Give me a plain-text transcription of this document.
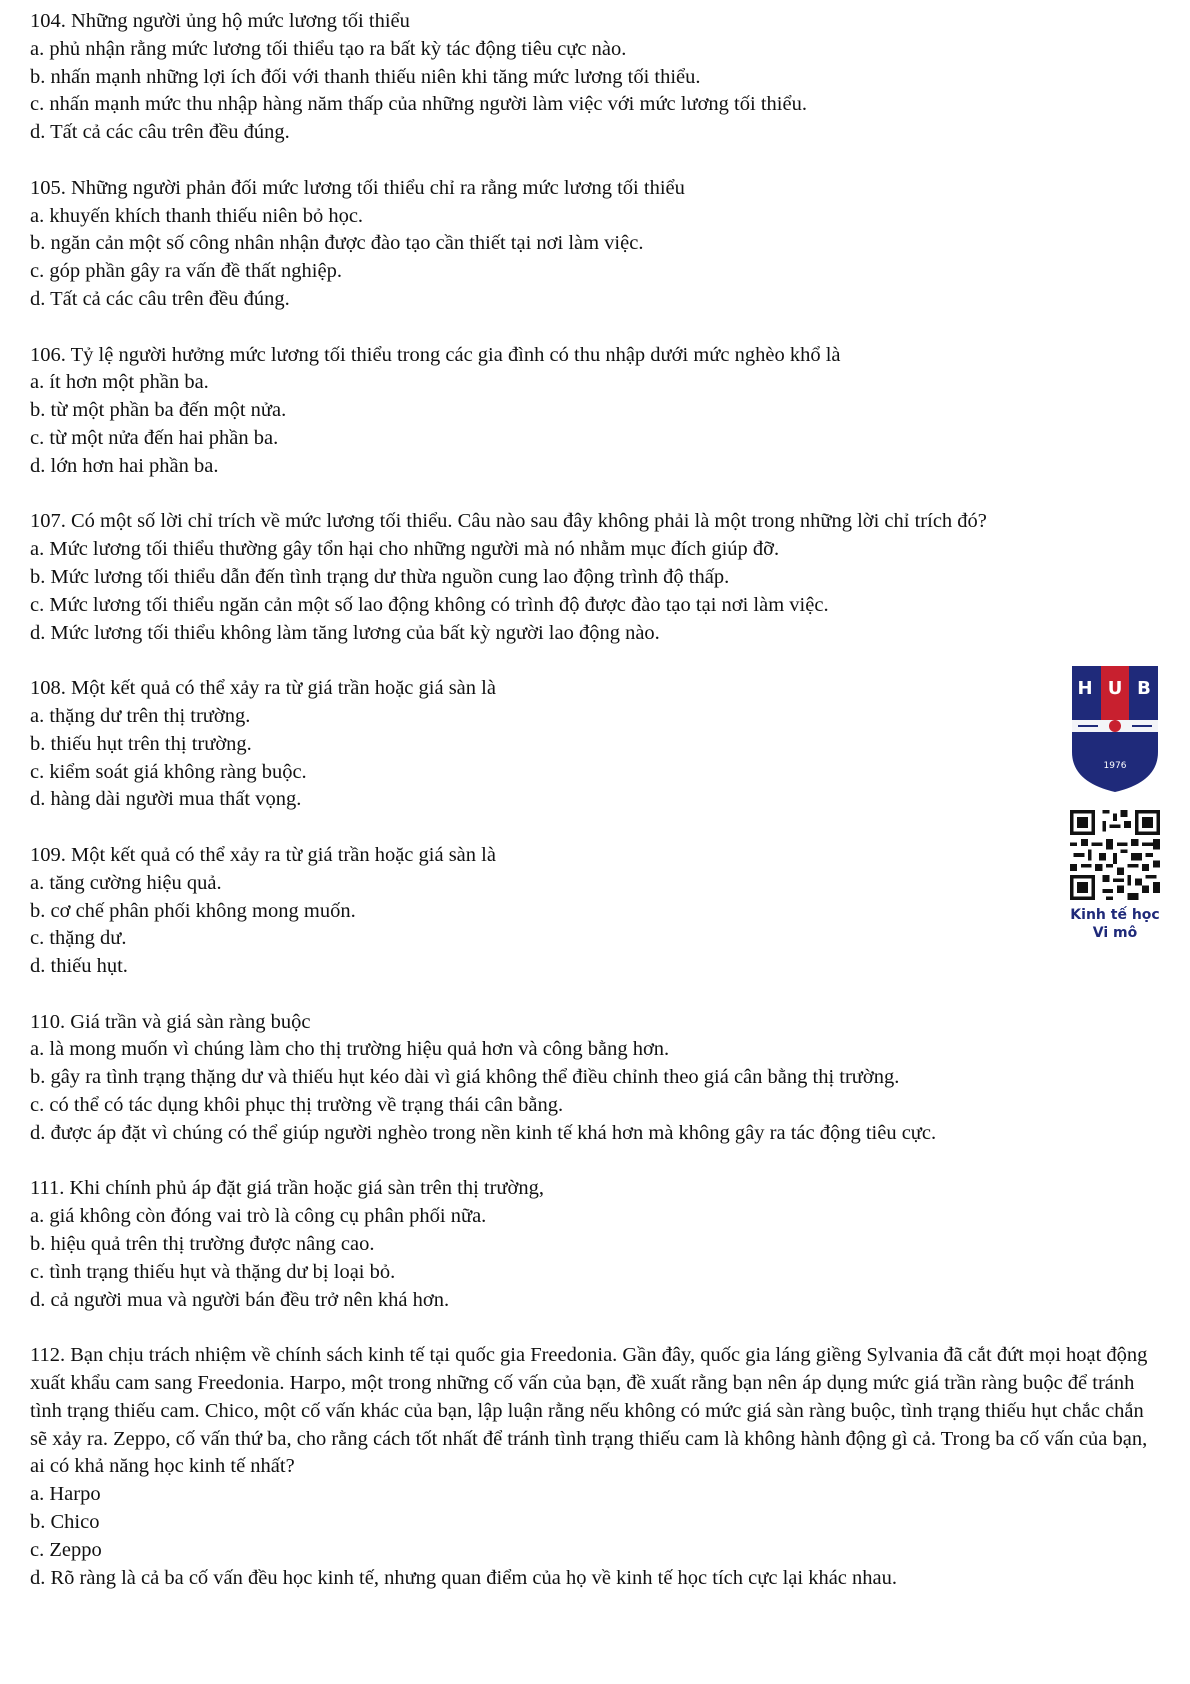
104. Những người ủng hộ mức lương tối thiểu

a. phủ nhận rằng mức lương tối thiểu tạo ra bất kỳ tác động tiêu cực nào.

b. nhấn mạnh những lợi ích đối với thanh thiếu niên khi tăng mức lương tối thiểu.

c. nhấn mạnh mức thu nhập hàng năm thấp của những người làm việc với mức lương tối thiểu.

d. Tất cả các câu trên đều đúng.

105. Những người phản đối mức lương tối thiểu chỉ ra rằng mức lương tối thiểu

a. khuyến khích thanh thiếu niên bỏ học.

b. ngăn cản một số công nhân nhận được đào tạo cần thiết tại nơi làm việc.

c. góp phần gây ra vấn đề thất nghiệp.

d. Tất cả các câu trên đều đúng.

106. Tỷ lệ người hưởng mức lương tối thiểu trong các gia đình có thu nhập dưới mức nghèo khổ là

a. ít hơn một phần ba.

b. từ một phần ba đến một nửa.

c. từ một nửa đến hai phần ba.

d. lớn hơn hai phần ba.

107. Có một số lời chỉ trích về mức lương tối thiểu. Câu nào sau đây không phải là một trong những lời chỉ trích đó?

a. Mức lương tối thiểu thường gây tổn hại cho những người mà nó nhằm mục đích giúp đỡ.

b. Mức lương tối thiểu dẫn đến tình trạng dư thừa nguồn cung lao động trình độ thấp.

c. Mức lương tối thiểu ngăn cản một số lao động không có trình độ được đào tạo tại nơi làm việc.

d. Mức lương tối thiểu không làm tăng lương của bất kỳ người lao động nào.

108. Một kết quả có thể xảy ra từ giá trần hoặc giá sàn là

a. thặng dư trên thị trường.

b. thiếu hụt trên thị trường.

c. kiểm soát giá không ràng buộc.

d. hàng dài người mua thất vọng.

109. Một kết quả có thể xảy ra từ giá trần hoặc giá sàn là

a. tăng cường hiệu quả.

b. cơ chế phân phối không mong muốn.

c. thặng dư.

d. thiếu hụt.

110. Giá trần và giá sàn ràng buộc

a. là mong muốn vì chúng làm cho thị trường hiệu quả hơn và công bằng hơn.

b. gây ra tình trạng thặng dư và thiếu hụt kéo dài vì giá không thể điều chỉnh theo giá cân bằng thị trường.

c. có thể có tác dụng khôi phục thị trường về trạng thái cân bằng.

d. được áp đặt vì chúng có thể giúp người nghèo trong nền kinh tế khá hơn mà không gây ra tác động tiêu cực.

111. Khi chính phủ áp đặt giá trần hoặc giá sàn trên thị trường,

a. giá không còn đóng vai trò là công cụ phân phối nữa.

b. hiệu quả trên thị trường được nâng cao.

c. tình trạng thiếu hụt và thặng dư bị loại bỏ.

d. cả người mua và người bán đều trở nên khá hơn.

112. Bạn chịu trách nhiệm về chính sách kinh tế tại quốc gia Freedonia. Gần đây, quốc gia láng giềng Sylvania đã cắt đứt mọi hoạt động xuất khẩu cam sang Freedonia. Harpo, một trong những cố vấn của bạn, đề xuất rằng bạn nên áp dụng mức giá trần ràng buộc để tránh tình trạng thiếu cam. Chico, một cố vấn khác của bạn, lập luận rằng nếu không có mức giá sàn ràng buộc, tình trạng thiếu hụt chắc chắn sẽ xảy ra. Zeppo, cố vấn thứ ba, cho rằng cách tốt nhất để tránh tình trạng thiếu cam là không hành động gì cả. Trong ba cố vấn của bạn, ai có khả năng học kinh tế nhất?

a. Harpo

b. Chico

c. Zeppo

d. Rõ ràng là cả ba cố vấn đều học kinh tế, nhưng quan điểm của họ về kinh tế học tích cực lại khác nhau.

H U B
1976
Kinh tế học
Vi mô
